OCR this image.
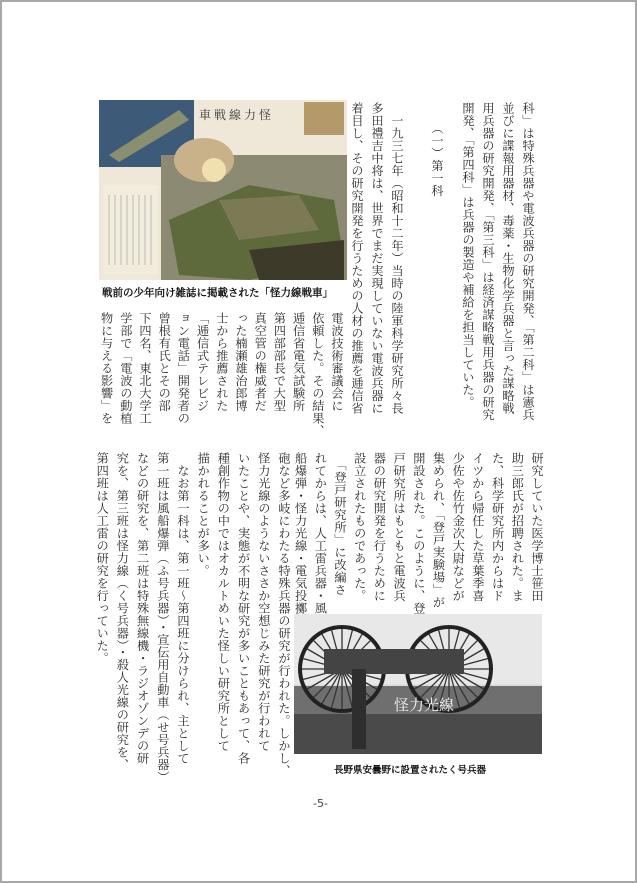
怪力線戦車
戦前の少年向け雑誌に掲載された「怪力線戦車」
怪力光線
長野県安曇野に設置されたく号兵器
科」は特殊兵器や電波兵器の研究開発、「第二科」は憲兵
並びに諜報用器材、毒薬・生物化学兵器と言った謀略戦
用兵器の研究開発、「第三科」は経済謀略戦用兵器の研究
開発、「第四科」は兵器の製造や補給を担当していた。
　一九三七年（昭和十二年）当時の陸軍科学研究所々長
多田禮吉中将は、世界でまだ実現していない電波兵器に
着目し、その研究開発を行うための人材の推薦を逓信省
電波技術審議会に
依頼した。その結果、
逓信省電気試験所
第四部部長で大型
真空管の権威者だ
った楠瀬雄治郎博
士から推薦された
「逓信式テレビジ
ョン電話」開発者の
曾根有氏とその部
下四名、東北大学工
学部で「電波の動植
物に与える影響」を
研究していた医学博士笹田
助三郎氏が招聘された。ま
た、科学研究所内からはド
イツから帰任した草葉季喜
少佐や佐竹金次大尉などが
集められ、「登戸実験場」が
開設された。このように、登
戸研究所はもともと電波兵
器の研究開発を行うために
設立されたものであった。
　「登戸研究所」に改編さ
れてからは、人工雷兵器・風
船爆弾・怪力光線・電気投擲
砲など多岐にわたる特殊兵器の研究が行われた。しかし、
怪力光線のようないささか空想じみた研究が行われて
いたことや、実態が不明な研究が多いこともあって、各
種創作物の中ではオカルトめいた怪しい研究所として
描かれることが多い。
　なお第一科は、第一班～第四班に分けられ、主として
第一班は風船爆弾（ふ号兵器）・宣伝用自動車（せ号兵器）
などの研究を、第二班は特殊無線機・ラジオゾンデの研
究を、第三班は怪力線（く号兵器）・殺人光線の研究を、
第四班は人工雷の研究を行っていた。
（一）第一科
-5-
